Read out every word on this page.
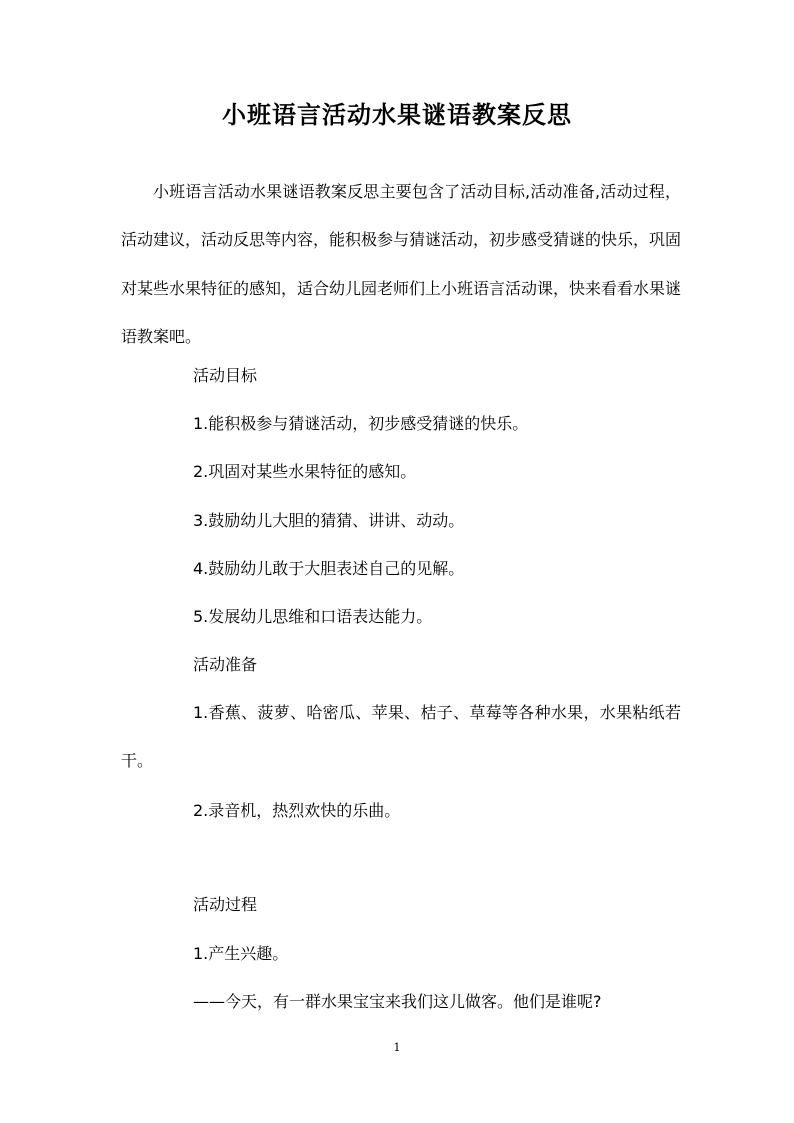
小班语言活动水果谜语教案反思

小班语言活动水果谜语教案反思主要包含了活动目标,活动准备,活动过程，活动建议，活动反思等内容，能积极参与猜谜活动，初步感受猜谜的快乐，巩固对某些水果特征的感知，适合幼儿园老师们上小班语言活动课，快来看看水果谜语教案吧。

活动目标

1.能积极参与猜谜活动，初步感受猜谜的快乐。

2.巩固对某些水果特征的感知。

3.鼓励幼儿大胆的猜猜、讲讲、动动。

4.鼓励幼儿敢于大胆表述自己的见解。

5.发展幼儿思维和口语表达能力。

活动准备

1.香蕉、菠萝、哈密瓜、苹果、桔子、草莓等各种水果，水果粘纸若干。

2.录音机，热烈欢快的乐曲。

活动过程

1.产生兴趣。

——今天，有一群水果宝宝来我们这儿做客。他们是谁呢?

1
